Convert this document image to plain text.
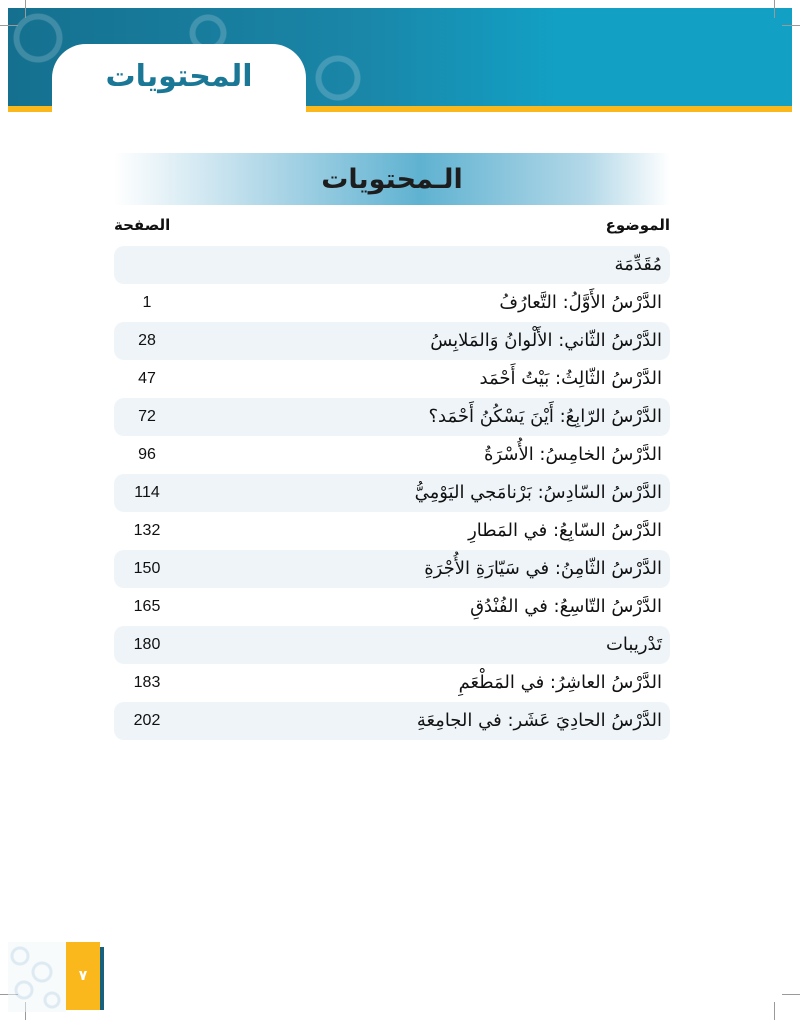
المحتويات
الـمحتويات
الموضوع
الصفحة
مُقَدِّمَة
الدَّرْسُ الأَوَّلُ: التَّعارُفُ
1
الدَّرْسُ الثّاني: الأَلْوانُ وَالمَلابِسُ
28
الدَّرْسُ الثّالِثُ: بَيْتُ أَحْمَد
47
الدَّرْسُ الرّابِعُ: أَيْنَ يَسْكُنُ أَحْمَد؟
72
الدَّرْسُ الخامِسُ: الأُسْرَةُ
96
الدَّرْسُ السّادِسُ: بَرْنامَجي اليَوْمِيُّ
114
الدَّرْسُ السّابِعُ: في المَطارِ
132
الدَّرْسُ الثّامِنُ: في سَيّارَةِ الأُجْرَةِ
150
الدَّرْسُ التّاسِعُ: في الفُنْدُقِ
165
تَدْريبات
180
الدَّرْسُ العاشِرُ: في المَطْعَمِ
183
الدَّرْسُ الحادِيَ عَشَر: في الجامِعَةِ
202
٧
